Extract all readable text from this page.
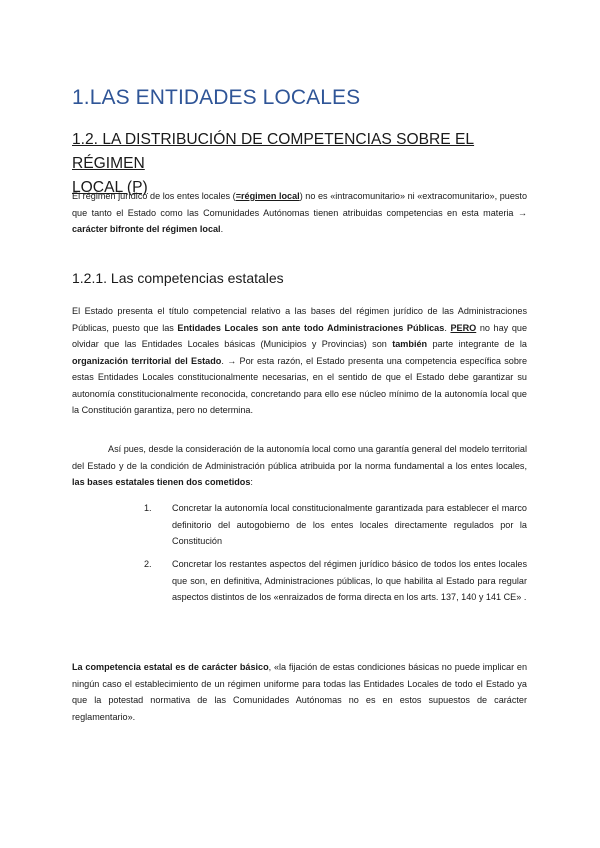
1.LAS ENTIDADES LOCALES
1.2. LA DISTRIBUCIÓN DE COMPETENCIAS SOBRE EL RÉGIMEN
LOCAL (P)

El régimen jurídico de los entes locales (=régimen local) no es «intracomunitario» ni «extracomunitario», puesto que tanto el Estado como las Comunidades Autónomas tienen atribuidas competencias en esta materia → carácter bifronte del régimen local.

1.2.1. Las competencias estatales

El Estado presenta el título competencial relativo a las bases del régimen jurídico de las Administraciones Públicas, puesto que las Entidades Locales son ante todo Administraciones Públicas. PERO no hay que olvidar que las Entidades Locales básicas (Municipios y Provincias) son también parte integrante de la organización territorial del Estado. → Por esta razón, el Estado presenta una competencia específica sobre estas Entidades Locales constitucionalmente necesarias, en el sentido de que el Estado debe garantizar su autonomía constitucionalmente reconocida, concretando para ello ese núcleo mínimo de la autonomía local que la Constitución garantiza, pero no determina.

Así pues, desde la consideración de la autonomía local como una garantía general del modelo territorial del Estado y de la condición de Administración pública atribuida por la norma fundamental a los entes locales, las bases estatales tienen dos cometidos:

1. Concretar la autonomía local constitucionalmente garantizada para establecer el marco definitorio del autogobierno de los entes locales directamente regulados por la Constitución
2. Concretar los restantes aspectos del régimen jurídico básico de todos los entes locales que son, en definitiva, Administraciones públicas, lo que habilita al Estado para regular aspectos distintos de los «enraizados de forma directa en los arts. 137, 140 y 141 CE» .

La competencia estatal es de carácter básico, «la fijación de estas condiciones básicas no puede implicar en ningún caso el establecimiento de un régimen uniforme para todas las Entidades Locales de todo el Estado ya que la potestad normativa de las Comunidades Autónomas no es en estos supuestos de carácter reglamentario».
